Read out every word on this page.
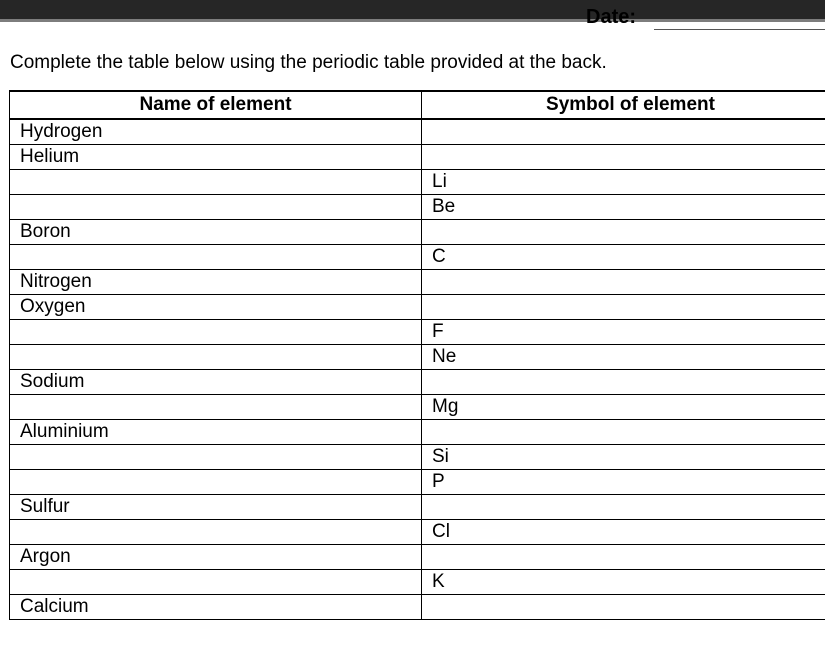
Date:
Complete the table below using the periodic table provided at the back.
Name of element	Symbol of element
Hydrogen	
Helium	
	Li
	Be
Boron	
	C
Nitrogen	
Oxygen	
	F
	Ne
Sodium	
	Mg
Aluminium	
	Si
	P
Sulfur	
	Cl
Argon	
	K
Calcium	
